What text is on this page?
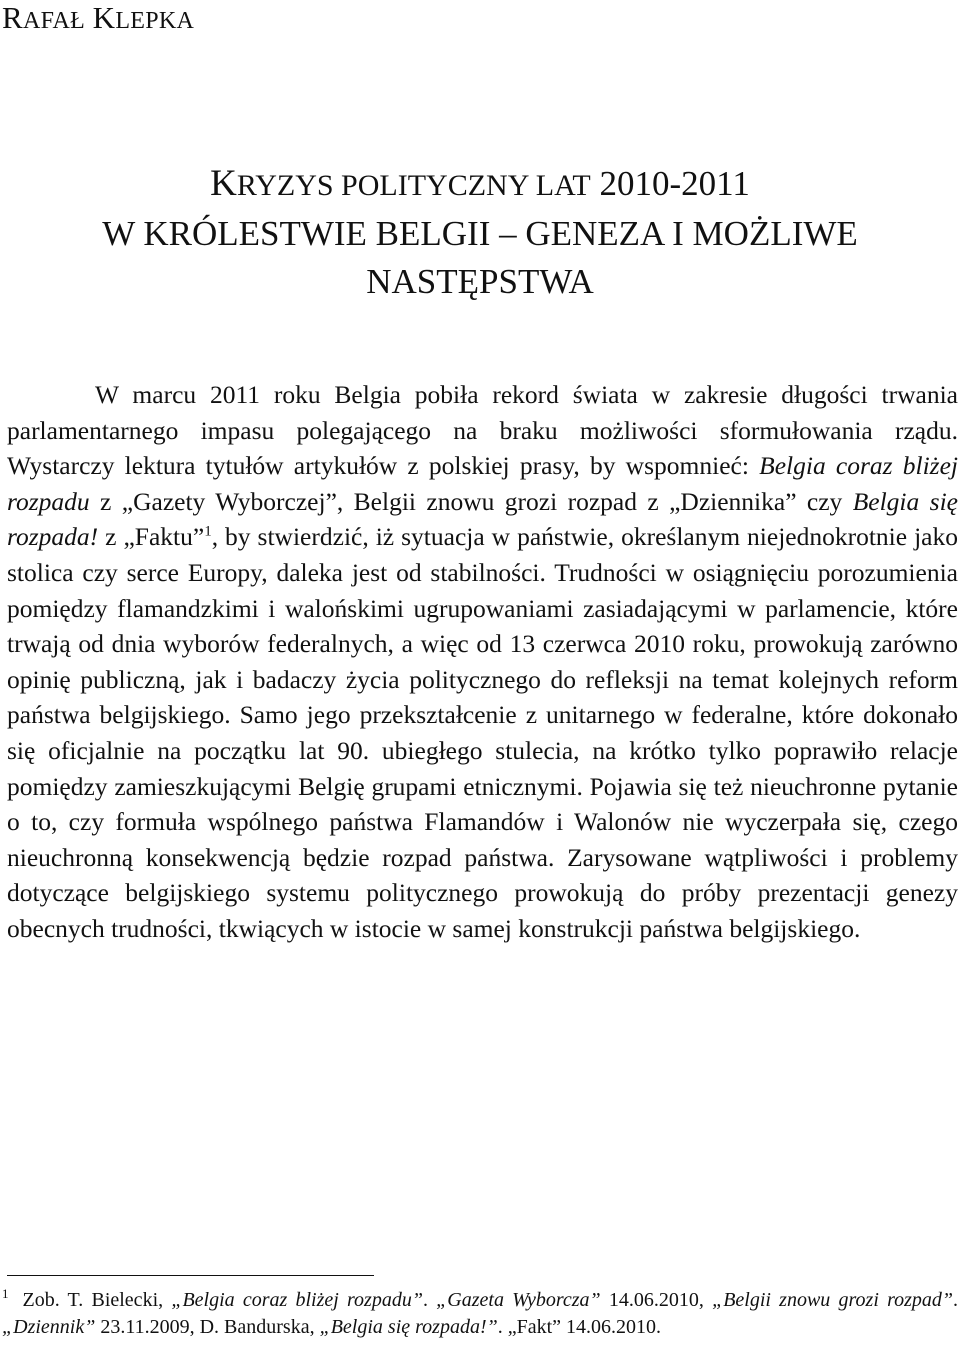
RAFAŁ KLEPKA
KRYZYS POLITYCZNY LAT 2010-2011
W KRÓLESTWIE BELGII – GENEZA I MOŻLIWE
NASTĘPSTWA

W marcu 2011 roku Belgia pobiła rekord świata w zakresie długości trwania parlamentarnego impasu polegającego na braku możliwości sformułowania rządu. Wystarczy lektura tytułów artykułów z polskiej prasy, by wspomnieć: Belgia coraz bliżej rozpadu z „Gazety Wyborczej”, Belgii znowu grozi rozpad z „Dziennika” czy Belgia się rozpada! z „Faktu”$^1$, by stwierdzić, iż sytuacja w państwie, określanym niejednokrotnie jako stolica czy serce Europy, daleka jest od stabilności. Trudności w osiągnięciu porozumienia pomiędzy flamandzkimi i walońskimi ugrupowaniami zasiadającymi w parlamencie, które trwają od dnia wyborów federalnych, a więc od 13 czerwca 2010 roku, prowokują zarówno opinię publiczną, jak i badaczy życia politycznego do refleksji na temat kolejnych reform państwa belgijskiego. Samo jego przekształcenie z unitarnego w federalne, które dokonało się oficjalnie na początku lat 90. ubiegłego stulecia, na krótko tylko poprawiło relacje pomiędzy zamieszkującymi Belgię grupami etnicznymi. Pojawia się też nieuchronne pytanie o to, czy formuła wspólnego państwa Flamandów i Walonów nie wyczerpała się, czego nieuchronną konsekwencją będzie rozpad państwa. Zarysowane wątpliwości i problemy dotyczące belgijskiego systemu politycznego prowokują do próby prezentacji genezy obecnych trudności, tkwiących w istocie w samej konstrukcji państwa belgijskiego.

$^1$ Zob. T. Bielecki, „Belgia coraz bliżej rozpadu”. „Gazeta Wyborcza” 14.06.2010, „Belgii znowu grozi rozpad”. „Dziennik” 23.11.2009, D. Bandurska, „Belgia się rozpada!”. „Fakt” 14.06.2010.
